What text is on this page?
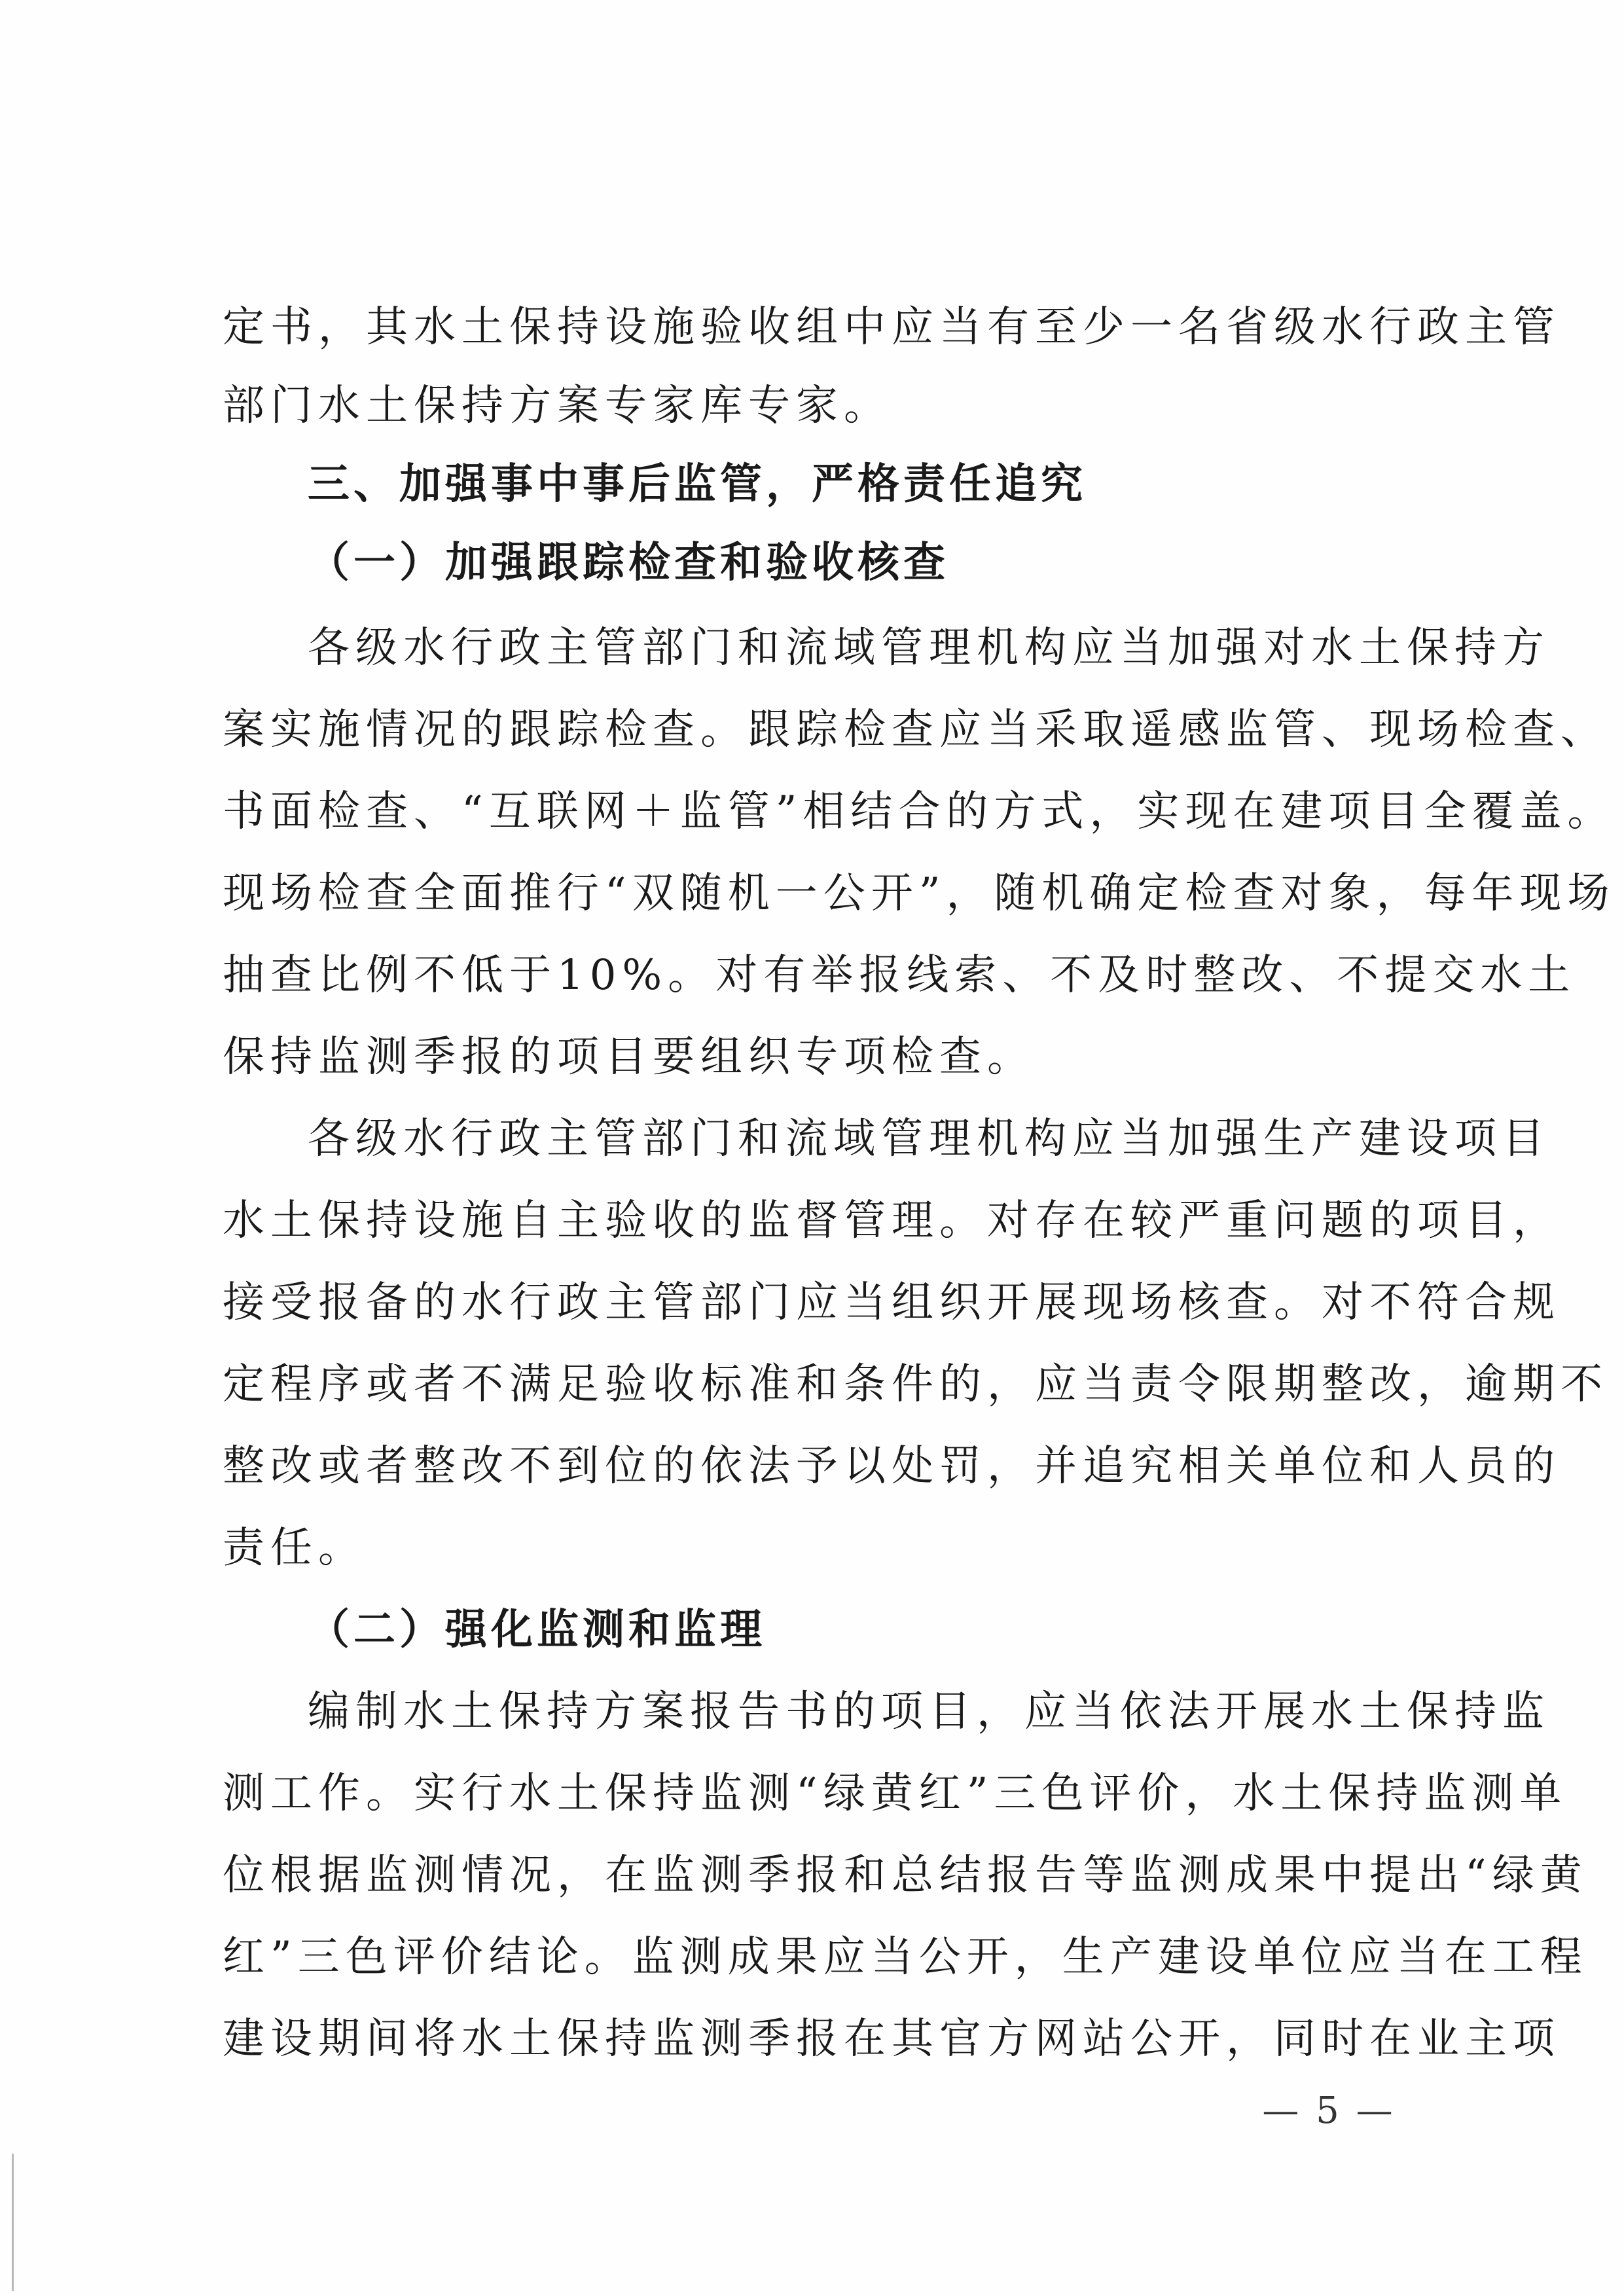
定书，其水土保持设施验收组中应当有至少一名省级水行政主管
部门水土保持方案专家库专家。
三、加强事中事后监管，严格责任追究
（一）加强跟踪检查和验收核查
各级水行政主管部门和流域管理机构应当加强对水土保持方
案实施情况的跟踪检查。跟踪检查应当采取遥感监管、现场检查、
书面检查、“互联网＋监管”相结合的方式，实现在建项目全覆盖。
现场检查全面推行“双随机一公开”，随机确定检查对象，每年现场
抽查比例不低于10%。对有举报线索、不及时整改、不提交水土
保持监测季报的项目要组织专项检查。
各级水行政主管部门和流域管理机构应当加强生产建设项目
水土保持设施自主验收的监督管理。对存在较严重问题的项目，
接受报备的水行政主管部门应当组织开展现场核查。对不符合规
定程序或者不满足验收标准和条件的，应当责令限期整改，逾期不
整改或者整改不到位的依法予以处罚，并追究相关单位和人员的
责任。
（二）强化监测和监理
编制水土保持方案报告书的项目，应当依法开展水土保持监
测工作。实行水土保持监测“绿黄红”三色评价，水土保持监测单
位根据监测情况，在监测季报和总结报告等监测成果中提出“绿黄
红”三色评价结论。监测成果应当公开，生产建设单位应当在工程
建设期间将水土保持监测季报在其官方网站公开，同时在业主项
— 5 —
